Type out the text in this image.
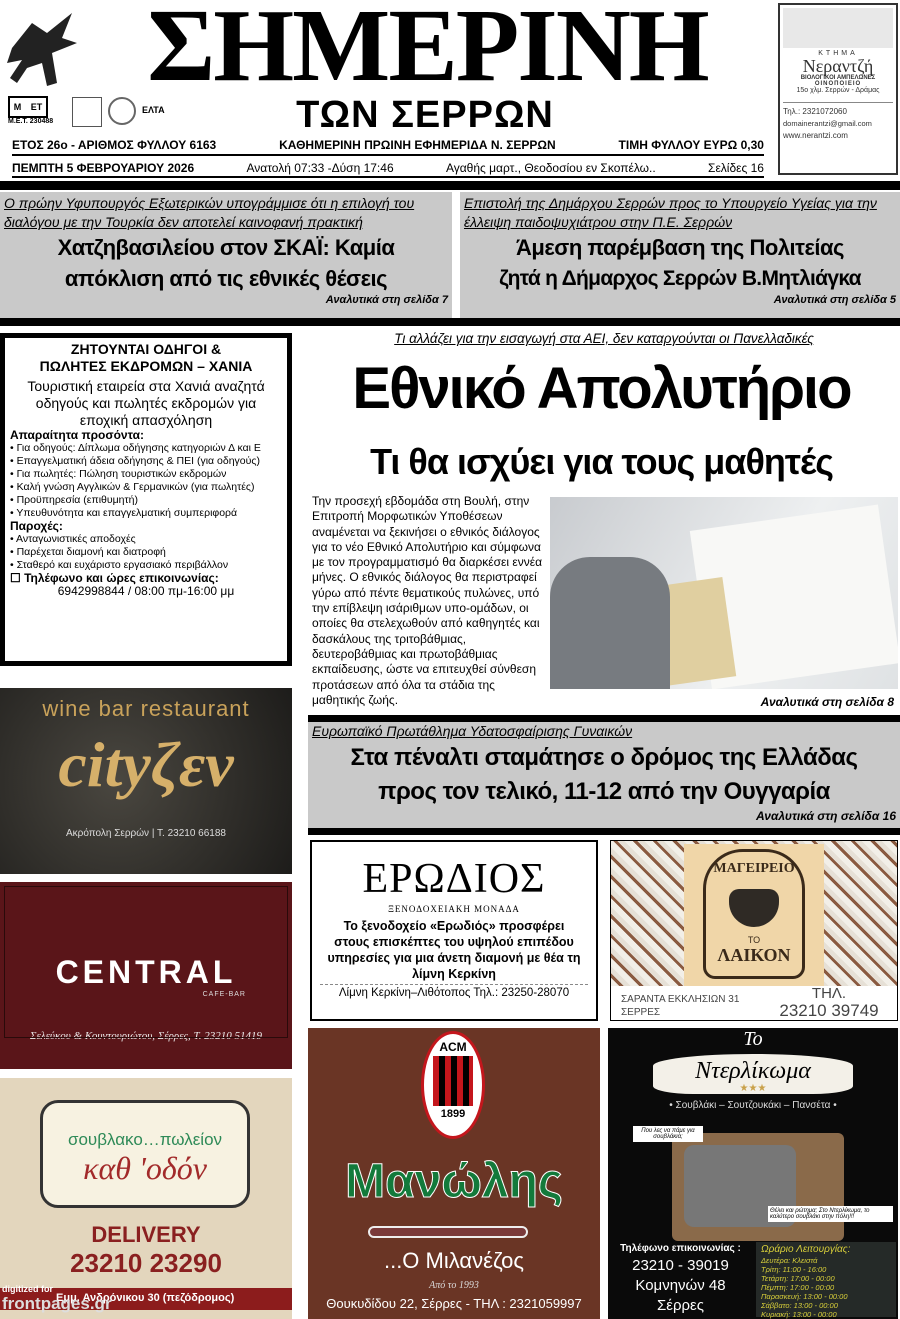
ΣΗΜΕΡΙΝΗ
ΤΩΝ ΣΕΡΡΩΝ
Μ ΕΤ
Μ.Ε.Τ. 230488
ΕΛΤΑ
ΚΤΗΜΑ
Νεραντζή
ΒΙΟΛΟΓΙΚΟΙ ΑΜΠΕΛΩΝΕΣ
ΟΙΝΟΠΟΙΕΙΟ
15ο χλμ. Σερρών - Δράμας
Τηλ.: 2321072060
domainerantzi@gmail.com
www.nerantzi.com
ΕΤΟΣ 26ο - ΑΡΙΘΜΟΣ ΦΥΛΛΟΥ 6163	ΚΑΘΗΜΕΡΙΝΗ ΠΡΩΙΝΗ ΕΦΗΜΕΡΙΔΑ Ν. ΣΕΡΡΩΝ	ΤΙΜΗ ΦΥΛΛΟΥ ΕΥΡΩ 0,30
ΠΕΜΠΤΗ 5 ΦΕΒΡΟΥΑΡΙΟΥ 2026	Ανατολή 07:33 -Δύση 17:46	Αγαθής μαρτ., Θεοδοσίου εν Σκοπέλω..	Σελίδες 16
Ο πρώην Υφυπουργός Εξωτερικών υπογράμμισε ότι η επιλογή του διαλόγου με την Τουρκία δεν αποτελεί καινοφανή πρακτική
Χατζηβασιλείου στον ΣΚΑΪ: Καμία
απόκλιση από τις εθνικές θέσεις
Αναλυτικά στη σελίδα 7
Επιστολή της Δημάρχου Σερρών προς το Υπουργείο Υγείας για την έλλειψη παιδοψυχιάτρου στην Π.Ε. Σερρών
Άμεση παρέμβαση της Πολιτείας
ζητά η Δήμαρχος Σερρών Β.Μητλιάγκα
Αναλυτικά στη σελίδα 5
ΖΗΤΟΥΝΤΑΙ ΟΔΗΓΟΙ &
ΠΩΛΗΤΕΣ ΕΚΔΡΟΜΩΝ – ΧΑΝΙΑ
Τουριστική εταιρεία στα Χανιά αναζητά οδηγούς και πωλητές εκδρομών για εποχική απασχόληση
Απαραίτητα προσόντα:
• Για οδηγούς: Δίπλωμα οδήγησης κατηγοριών Δ και Ε
• Επαγγελματική άδεια οδήγησης & ΠΕΙ (για οδηγούς)
• Για πωλητές: Πώληση τουριστικών εκδρομών
• Καλή γνώση Αγγλικών & Γερμανικών (για πωλητές)
• Προϋπηρεσία (επιθυμητή)
• Υπευθυνότητα και επαγγελματική συμπεριφορά
Παροχές:
• Ανταγωνιστικές αποδοχές
• Παρέχεται διαμονή και διατροφή
• Σταθερό και ευχάριστο εργασιακό περιβάλλον
☐ Τηλέφωνο και ώρες επικοινωνίας:
6942998844 / 08:00 πμ-16:00 μμ
Τι αλλάζει για την εισαγωγή στα ΑΕΙ, δεν καταργούνται οι Πανελλαδικές
Εθνικό Απολυτήριο
Τι θα ισχύει για τους μαθητές
Την προσεχή εβδομάδα στη Βουλή, στην Επιτροπή Μορφωτικών Υποθέσεων αναμένεται να ξεκινήσει ο εθνικός διάλογος για το νέο Εθνικό Απολυτήριο και σύμφωνα με τον προγραμματισμό θα διαρκέσει εννέα μήνες. Ο εθνικός διάλογος θα περιστραφεί γύρω από πέντε θεματικούς πυλώνες, υπό την επίβλεψη ισάριθμων υπο-ομάδων, οι οποίες θα στελεχωθούν από καθηγητές και δασκάλους της τριτοβάθμιας, δευτεροβάθμιας και πρωτοβάθμιας εκπαίδευσης, ώστε να επιτευχθεί σύνθεση προτάσεων από όλα τα στάδια της μαθητικής ζωής.	Αναλυτικά στη σελίδα 8
Ευρωπαϊκό Πρωτάθλημα Υδατοσφαίρισης Γυναικών
Στα πέναλτι σταμάτησε ο δρόμος της Ελλάδας
προς τον τελικό, 11-12 από την Ουγγαρία
Αναλυτικά στη σελίδα 16
wine bar restaurant
cityζεν
Ακρόπολη Σερρών | Τ. 23210 66188
CENTRAL
CAFE-BAR
Σελεύκου & Κουντουριώτου, Σέρρες, Τ. 23210 51419
σουβλακο…πωλείον
καθ 'οδόν
DELIVERY
23210 23290
Εμμ. Ανδρόνικου 30 (πεζόδρομος)
digitized for
frontpages.gr
ΕΡΩΔΙΟΣ
ΞΕΝΟΔΟΧΕΙΑΚΗ ΜΟΝΑΔΑ
Το ξενοδοχείο «Ερωδιός» προσφέρει στους επισκέπτες του υψηλού επιπέδου υπηρεσίες για μια άνετη διαμονή με θέα τη λίμνη Κερκίνη
Λίμνη Κερκίνη–Λιθότοπος Τηλ.: 23250-28070
ΜΑΓΕΙΡΕΙΟ
ΤΟ
ΛΑΙΚΟΝ
ΣΑΡΑΝΤΑ ΕΚΚΛΗΣΙΩΝ 31
ΣΕΡΡΕΣ
ΤΗΛ.
23210 39749
ACM
1899
Μανώλης
...Ο Μιλανέζος
Από το 1993
Θουκυδίδου 22, Σέρρες - ΤΗΛ : 2321059997
Το
Ντερλίκωμα
★★★
• Σουβλάκι – Σουτζουκάκι – Πανσέτα •
Που λες να πάμε για σουβλάκια;
Θέλει και ρώτημα; Στο Ντερλίκωμα, το καλύτερο σουβλάκι στην πόλη!!!
Τηλέφωνο επικοινωνίας :
23210 - 39019
Κομνηνών 48
Σέρρες
Ωράριο Λειτουργίας:
Δευτέρα: Κλειστά
Τρίτη: 11:00 - 16:00
Τετάρτη: 17:00 - 00:00
Πέμπτη: 17:00 - 00:00
Παρασκευή: 13:00 - 00:00
Σάββατο: 13:00 - 00:00
Κυριακή: 13:00 - 00:00
